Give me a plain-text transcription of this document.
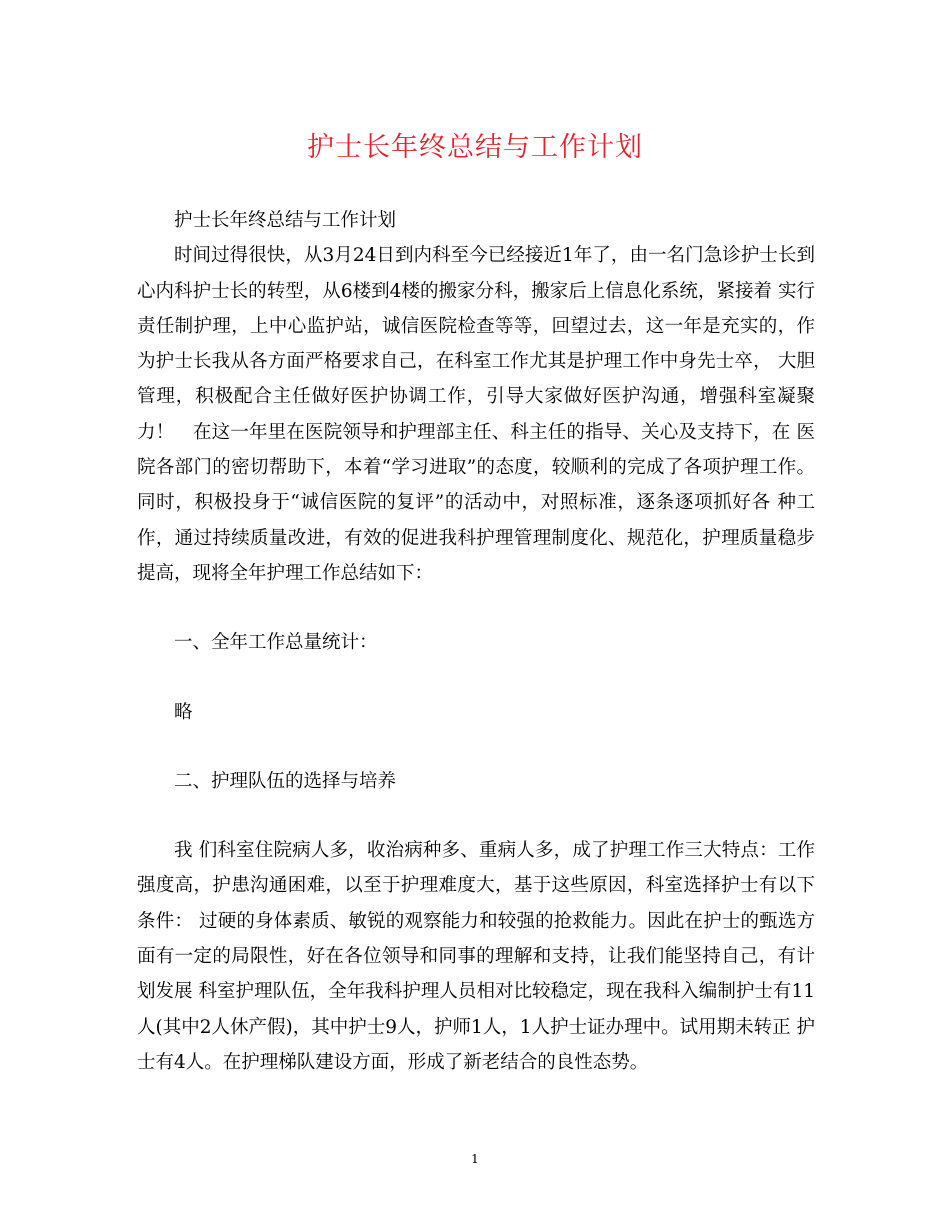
护士长年终总结与工作计划

护士长年终总结与工作计划

时间过得很快，从3月24日到内科至今已经接近1年了，由一名门急诊护士长到心内科护士长的转型，从6楼到4楼的搬家分科，搬家后上信息化系统，紧接着 实行责任制护理，上中心监护站，诚信医院检查等等，回望过去，这一年是充实的，作为护士长我从各方面严格要求自己，在科室工作尤其是护理工作中身先士卒， 大胆管理，积极配合主任做好医护协调工作，引导大家做好医护沟通，增强科室凝聚力！　在这一年里在医院领导和护理部主任、科主任的指导、关心及支持下，在 医院各部门的密切帮助下，本着“学习进取”的态度，较顺利的完成了各项护理工作。同时，积极投身于“诚信医院的复评”的活动中，对照标准，逐条逐项抓好各 种工作，通过持续质量改进，有效的促进我科护理管理制度化、规范化，护理质量稳步提高，现将全年护理工作总结如下：

一、全年工作总量统计：

略

二、护理队伍的选择与培养

我 们科室住院病人多，收治病种多、重病人多，成了护理工作三大特点：工作强度高，护患沟通困难，以至于护理难度大，基于这些原因，科室选择护士有以下条件： 过硬的身体素质、敏锐的观察能力和较强的抢救能力。因此在护士的甄选方面有一定的局限性，好在各位领导和同事的理解和支持，让我们能坚持自己，有计划发展 科室护理队伍，全年我科护理人员相对比较稳定，现在我科入编制护士有11人(其中2人休产假)，其中护士9人，护师1人，1人护士证办理中。试用期未转正 护士有4人。在护理梯队建设方面，形成了新老结合的良性态势。

1
